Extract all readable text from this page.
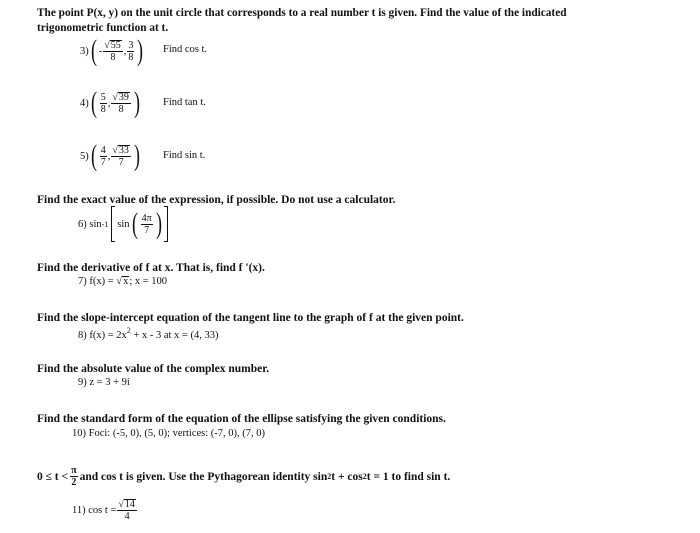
The point P(x, y) on the unit circle that corresponds to a real number t is given. Find the value of the indicated
trigonometric function at t.
3) ( - $\frac{√55}{8}$ , $\frac{3}{8}$ ) Find cos t.
4) ( $\frac{5}{8}$ , $\frac{√39}{8}$ ) Find tan t.
5) ( $\frac{4}{7}$ , $\frac{√33}{7}$ ) Find sin t.
Find the exact value of the expression, if possible. Do not use a calculator.
6) sin -1 sin ( $\frac{4\pi}{7}$ )
Find the derivative of f at x. That is, find f '(x).
7) f(x) = √x; x = 100
Find the slope-intercept equation of the tangent line to the graph of f at the given point.
8) $f(x) = 2x^2 + x - 3$ at x = (4, 33)
Find the absolute value of the complex number.
9) z = 3 + 9i
Find the standard form of the equation of the ellipse satisfying the given conditions.
10) Foci: (-5, 0), (5, 0); vertices: (-7, 0), (7, 0)
$0 \le t < \frac{\pi}{2}$ and cos t is given. Use the Pythagorean identity sin 2 t + cos 2 t = 1 to find sin t.
11) $\cos t = \frac{√14}{4}$
